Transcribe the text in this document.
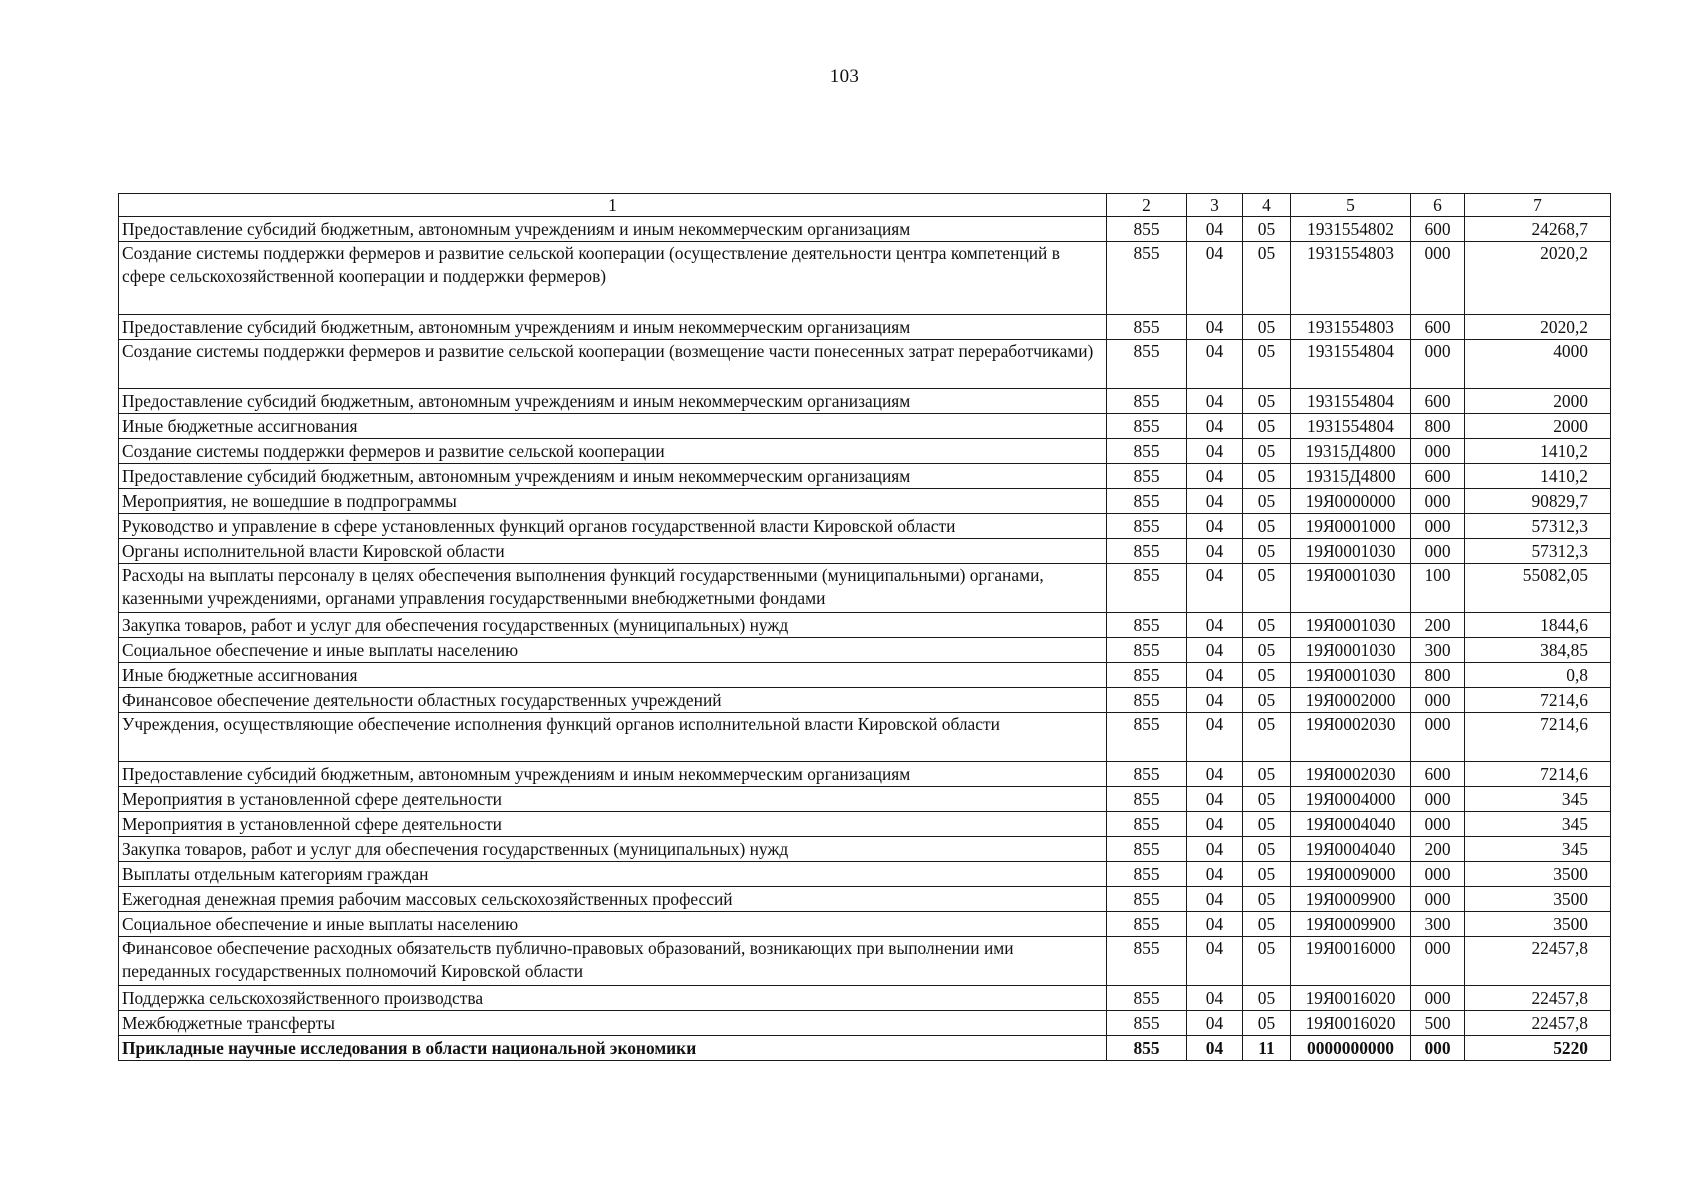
103
1	2	3	4	5	6	7
Предоставление субсидий бюджетным, автономным учреждениям и иным некоммерческим организациям	855	04	05	1931554802	600	24268,7
Создание системы поддержки фермеров и развитие сельской кооперации (осуществление деятельности центра компетенций в сфере сельскохозяйственной кооперации и поддержки фермеров)	855	04	05	1931554803	000	2020,2
Предоставление субсидий бюджетным, автономным учреждениям и иным некоммерческим организациям	855	04	05	1931554803	600	2020,2
Создание системы поддержки фермеров и развитие сельской кооперации (возмещение части понесенных затрат переработчиками)	855	04	05	1931554804	000	4000
Предоставление субсидий бюджетным, автономным учреждениям и иным некоммерческим организациям	855	04	05	1931554804	600	2000
Иные бюджетные ассигнования	855	04	05	1931554804	800	2000
Создание системы поддержки фермеров и развитие сельской кооперации	855	04	05	19315Д4800	000	1410,2
Предоставление субсидий бюджетным, автономным учреждениям и иным некоммерческим организациям	855	04	05	19315Д4800	600	1410,2
Мероприятия, не вошедшие в подпрограммы	855	04	05	19Я0000000	000	90829,7
Руководство и управление в сфере установленных функций органов государственной власти Кировской области	855	04	05	19Я0001000	000	57312,3
Органы исполнительной власти Кировской области	855	04	05	19Я0001030	000	57312,3
Расходы на выплаты персоналу в целях обеспечения выполнения функций государственными (муниципальными) органами, казенными учреждениями, органами управления государственными внебюджетными фондами	855	04	05	19Я0001030	100	55082,05
Закупка товаров, работ и услуг для обеспечения государственных (муниципальных) нужд	855	04	05	19Я0001030	200	1844,6
Социальное обеспечение и иные выплаты населению	855	04	05	19Я0001030	300	384,85
Иные бюджетные ассигнования	855	04	05	19Я0001030	800	0,8
Финансовое обеспечение деятельности областных государственных учреждений	855	04	05	19Я0002000	000	7214,6
Учреждения, осуществляющие обеспечение исполнения функций органов исполнительной власти Кировской области	855	04	05	19Я0002030	000	7214,6
Предоставление субсидий бюджетным, автономным учреждениям и иным некоммерческим организациям	855	04	05	19Я0002030	600	7214,6
Мероприятия в установленной сфере деятельности	855	04	05	19Я0004000	000	345
Мероприятия в установленной сфере деятельности	855	04	05	19Я0004040	000	345
Закупка товаров, работ и услуг для обеспечения государственных (муниципальных) нужд	855	04	05	19Я0004040	200	345
Выплаты отдельным категориям граждан	855	04	05	19Я0009000	000	3500
Ежегодная денежная премия рабочим массовых сельскохозяйственных профессий	855	04	05	19Я0009900	000	3500
Социальное обеспечение и иные выплаты населению	855	04	05	19Я0009900	300	3500
Финансовое обеспечение расходных обязательств публично-правовых образований, возникающих при выполнении ими переданных государственных полномочий Кировской области	855	04	05	19Я0016000	000	22457,8
Поддержка сельскохозяйственного производства	855	04	05	19Я0016020	000	22457,8
Межбюджетные трансферты	855	04	05	19Я0016020	500	22457,8
Прикладные научные исследования в области национальной экономики	855	04	11	0000000000	000	5220
